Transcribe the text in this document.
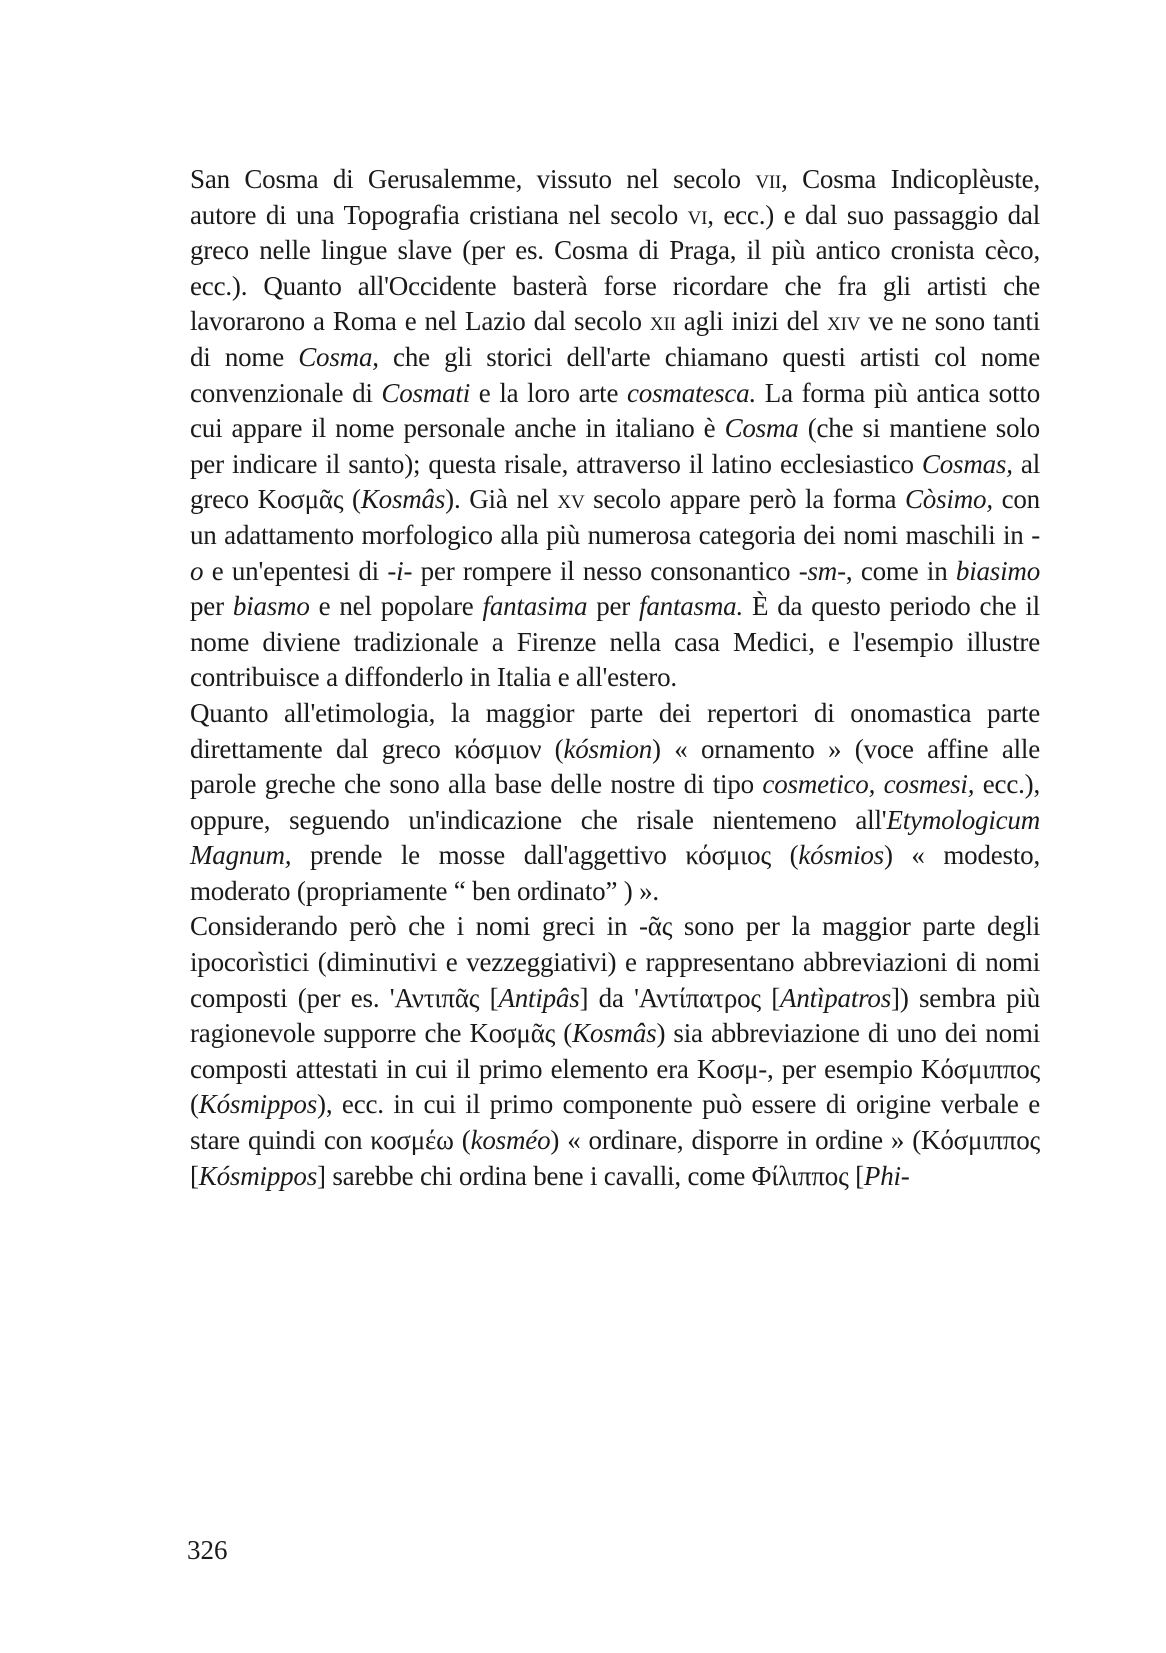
San Cosma di Gerusalemme, vissuto nel secolo vii, Cosma Indicoplèuste, autore di una Topografia cristiana nel secolo vi, ecc.) e dal suo passaggio dal greco nelle lingue slave (per es. Cosma di Praga, il più antico cronista cèco, ecc.). Quanto all'Occidente basterà forse ricordare che fra gli artisti che lavorarono a Roma e nel Lazio dal secolo xii agli inizi del xiv ve ne sono tanti di nome Cosma, che gli storici dell'arte chiamano questi artisti col nome convenzionale di Cosmati e la loro arte cosmatesca. La forma più antica sotto cui appare il nome personale anche in italiano è Cosma (che si mantiene solo per indicare il santo); questa risale, attraverso il latino ecclesiastico Cosmas, al greco Κοσμᾶς (Kosmâs). Già nel xv secolo appare però la forma Còsimo, con un adattamento morfologico alla più numerosa categoria dei nomi maschili in -o e un'epentesi di -i- per rompere il nesso consonantico -sm-, come in biasimo per biasmo e nel popolare fantasima per fantasma. È da questo periodo che il nome diviene tradizionale a Firenze nella casa Medici, e l'esempio illustre contribuisce a diffonderlo in Italia e all'estero.

Quanto all'etimologia, la maggior parte dei repertori di onomastica parte direttamente dal greco κόσμιον (kósmion) « ornamento » (voce affine alle parole greche che sono alla base delle nostre di tipo cosmetico, cosmesi, ecc.), oppure, seguendo un'indicazione che risale nientemeno all'Etymologicum Magnum, prende le mosse dall'aggettivo κόσμιος (kósmios) « modesto, moderato (propriamente “ ben ordinato” ) ».

Considerando però che i nomi greci in -ᾶς sono per la maggior parte degli ipocorìstici (diminutivi e vezzeggiativi) e rappresentano abbreviazioni di nomi composti (per es. 'Αντιπᾶς [Antipâs] da 'Αντίπατρος [Antìpatros]) sembra più ragionevole supporre che Κοσμᾶς (Kosmâs) sia abbreviazione di uno dei nomi composti attestati in cui il primo elemento era Κοσμ-, per esempio Κόσμιππος (Kósmippos), ecc. in cui il primo componente può essere di origine verbale e stare quindi con κοσμέω (kosméo) « ordinare, disporre in ordine » (Κόσμιππος [Kósmippos] sarebbe chi ordina bene i cavalli, come Φίλιππος [Phi-

326
